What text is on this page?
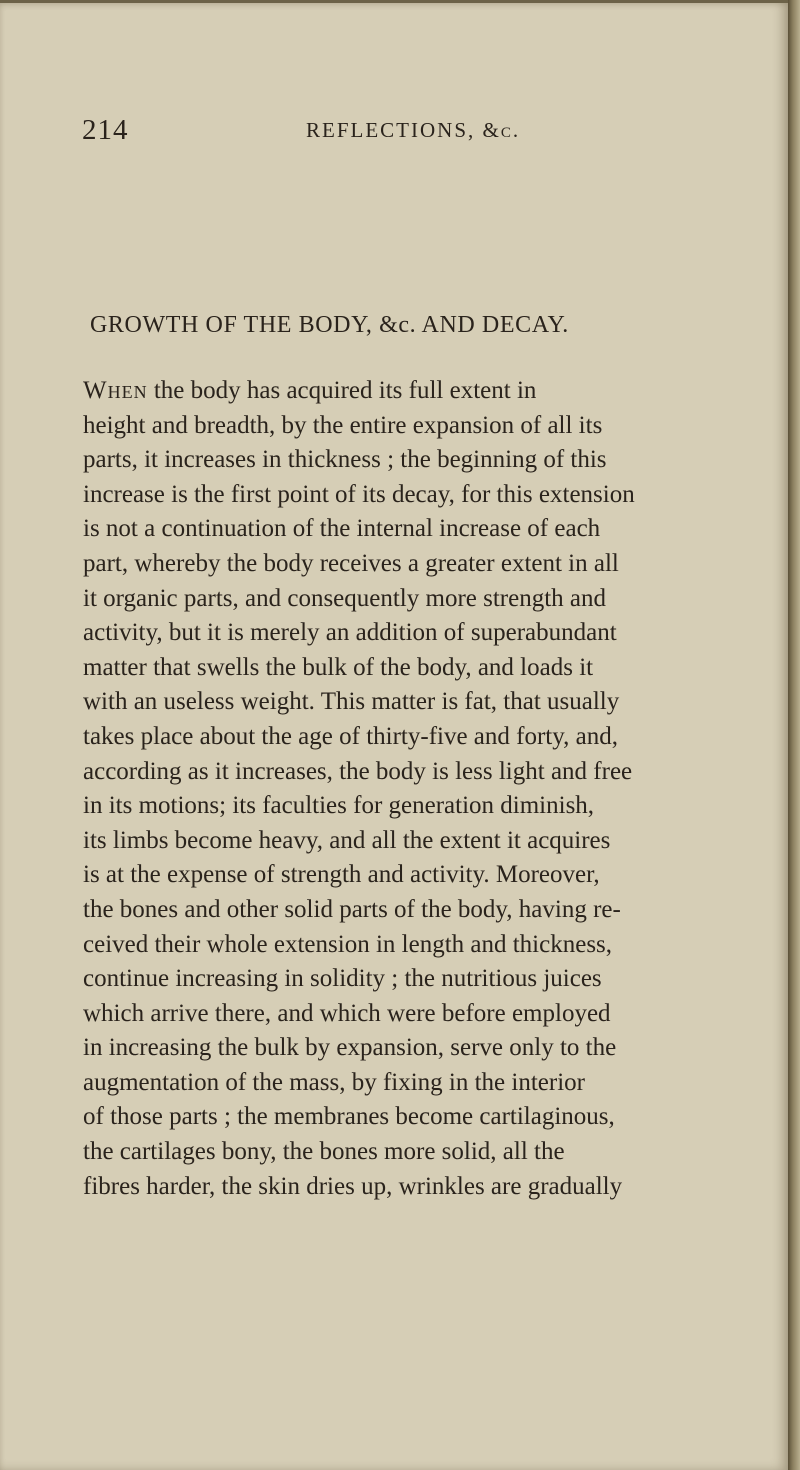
214	REFLECTIONS, &c.
GROWTH OF THE BODY, &c. AND DECAY.
When the body has acquired its full extent in
height and breadth, by the entire expansion of all its
parts, it increases in thickness ; the beginning of this
increase is the first point of its decay, for this extension
is not a continuation of the internal increase of each
part, whereby the body receives a greater extent in all
it organic parts, and consequently more strength and
activity, but it is merely an addition of superabundant
matter that swells the bulk of the body, and loads it
with an useless weight. This matter is fat, that usually
takes place about the age of thirty-five and forty, and,
according as it increases, the body is less light and free
in its motions; its faculties for generation diminish,
its limbs become heavy, and all the extent it acquires
is at the expense of strength and activity. Moreover,
the bones and other solid parts of the body, having re-
ceived their whole extension in length and thickness,
continue increasing in solidity ; the nutritious juices
which arrive there, and which were before employed
in increasing the bulk by expansion, serve only to the
augmentation of the mass, by fixing in the interior
of those parts ; the membranes become cartilaginous,
the cartilages bony, the bones more solid, all the
fibres harder, the skin dries up, wrinkles are gradually
